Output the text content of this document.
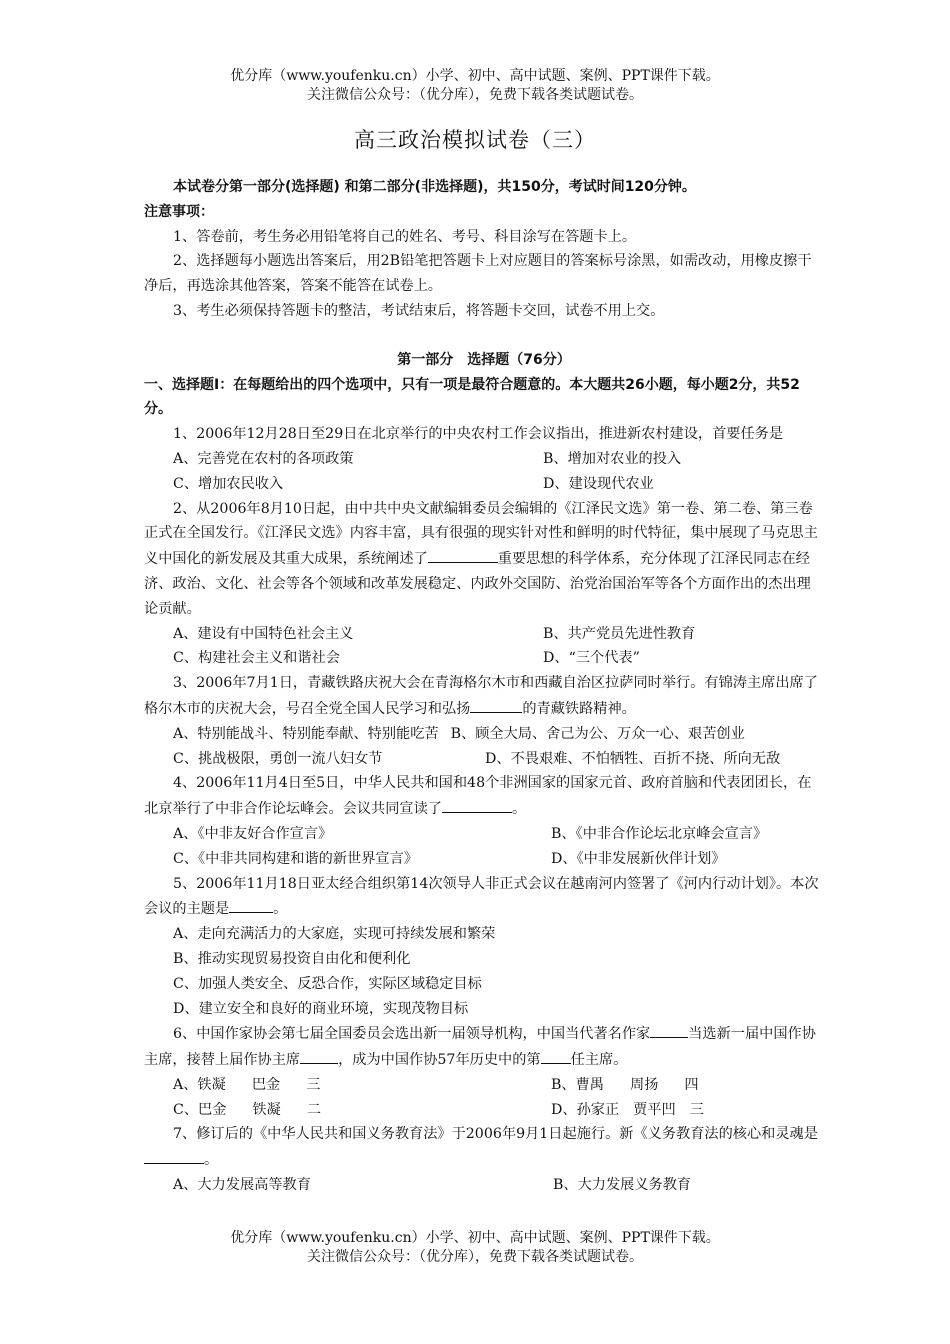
优分库（www.youfenku.cn）小学、初中、高中试题、案例、PPT课件下载。
关注微信公众号：（优分库），免费下载各类试题试卷。
高三政治模拟试卷（三）

本试卷分第一部分(选择题) 和第二部分(非选择题)，共150分，考试时间120分钟。

注意事项：

1、答卷前，考生务必用铅笔将自己的姓名、考号、科目涂写在答题卡上。

2、选择题每小题选出答案后，用2B铅笔把答题卡上对应题目的答案标号涂黑，如需改动，用橡皮擦干净后，再选涂其他答案，答案不能答在试卷上。

3、考生必须保持答题卡的整洁，考试结束后，将答题卡交回，试卷不用上交。

第一部分　选择题（76分）

一、选择题Ⅰ：在每题给出的四个选项中，只有一项是最符合题意的。本大题共26小题，每小题2分，共52分。

1、2006年12月28日至29日在北京举行的中央农村工作会议指出，推进新农村建设，首要任务是

A、完善党在农村的各项政策	B、增加对农业的投入
C、增加农民收入	D、建设现代农业

2、从2006年8月10日起，由中共中央文献编辑委员会编辑的《江泽民文选》第一卷、第二卷、第三卷正式在全国发行。《江泽民文选》内容丰富，具有很强的现实针对性和鲜明的时代特征，集中展现了马克思主义中国化的新发展及其重大成果，系统阐述了	重要思想的科学体系，充分体现了江泽民同志在经济、政治、文化、社会等各个领域和改革发展稳定、内政外交国防、治党治国治军等各个方面作出的杰出理论贡献。

A、建设有中国特色社会主义	B、共产党员先进性教育
C、构建社会主义和谐社会	D、“三个代表”

3、2006年7月1日，青藏铁路庆祝大会在青海格尔木市和西藏自治区拉萨同时举行。有锦涛主席出席了格尔木市的庆祝大会，号召全党全国人民学习和弘扬	的青藏铁路精神。

A、特别能战斗、特别能奉献、特别能吃苦 B、顾全大局、舍己为公、万众一心、艰苦创业
C、挑战极限，勇创一流八妇女节	D、不畏艰难、不怕牺牲、百折不挠、所向无敌

4、2006年11月4日至5日，中华人民共和国和48个非洲国家的国家元首、政府首脑和代表团团长，在北京举行了中非合作论坛峰会。会议共同宣读了	。

A、《中非友好合作宣言》	B、《中非合作论坛北京峰会宣言》
C、《中非共同构建和谐的新世界宣言》	D、《中非发展新伙伴计划》

5、2006年11月18日亚太经合组织第14次领导人非正式会议在越南河内签署了《河内行动计划》。本次会议的主题是	。

A、走向充满活力的大家庭，实现可持续发展和繁荣

B、推动实现贸易投资自由化和便利化

C、加强人类安全、反恐合作，实际区域稳定目标

D、建立安全和良好的商业环境，实现茂物目标

6、中国作家协会第七届全国委员会选出新一届领导机构，中国当代著名作家	当选新一届中国作协主席，接替上届作协主席	，成为中国作协57年历史中的第 任主席。

A、铁凝 巴金 三	B、曹禺 周扬 四
C、巴金 铁凝 二	D、孙家正 贾平凹 三

7、修订后的《中华人民共和国义务教育法》于2006年9月1日起施行。新《义务教育法的核心和灵魂是。

A、大力发展高等教育	B、大力发展义务教育
优分库（www.youfenku.cn）小学、初中、高中试题、案例、PPT课件下载。
关注微信公众号：（优分库），免费下载各类试题试卷。
